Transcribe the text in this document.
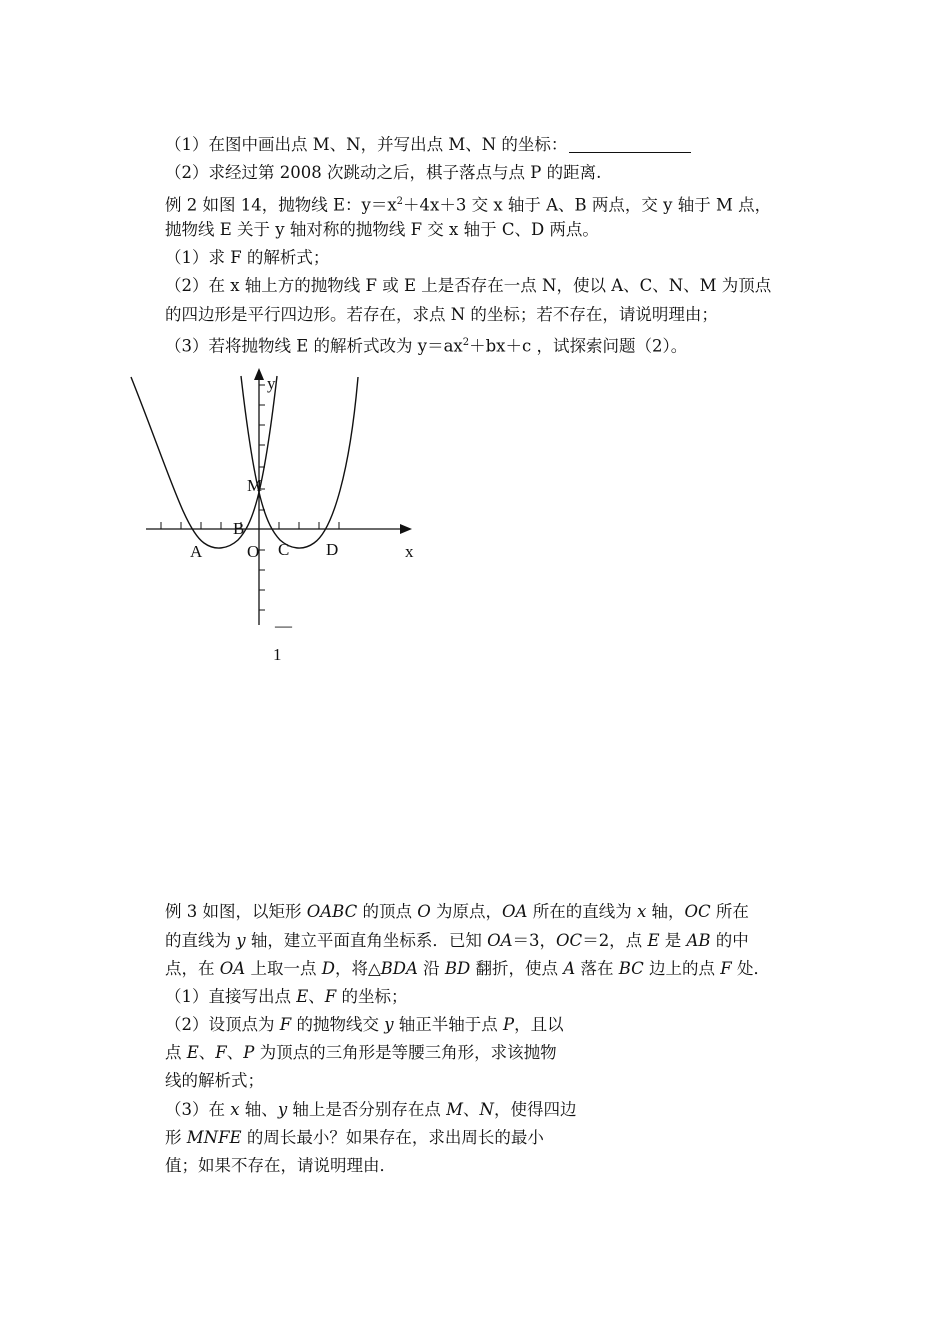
（1）在图中画出点 M、N，并写出点 M、N 的坐标：
（2）求经过第 2008 次跳动之后，棋子落点与点 P 的距离.
例 2 如图 14，抛物线 E：$y=x^2+4x+3$ 交 x 轴于 A、B 两点，交 y 轴于 M 点，
抛物线 E 关于 y 轴对称的抛物线 F 交 x 轴于 C、D 两点。
（1）求 F 的解析式；
（2）在 x 轴上方的抛物线 F 或 E 上是否存在一点 N，使以 A、C、N、M 为顶点
的四边形是平行四边形。若存在，求点 N 的坐标；若不存在，请说明理由；
（3）若将抛物线 E 的解析式改为 $y=ax^2+bx+c$ ，试探索问题（2）。
y
x
M
B
A	O C D
—
1
例 3 如图，以矩形 OABC 的顶点 O 为原点，OA 所在的直线为 x 轴，OC 所在
的直线为 y 轴，建立平面直角坐标系．已知 OA＝3，OC＝2，点 E 是 AB 的中
点，在 OA 上取一点 D，将△BDA 沿 BD 翻折，使点 A 落在 BC 边上的点 F 处．
（1）直接写出点 E、F 的坐标；
（2）设顶点为 F 的抛物线交 y 轴正半轴于点 P，且以
点 E、F、P 为顶点的三角形是等腰三角形，求该抛物
线的解析式；
（3）在 x 轴、y 轴上是否分别存在点 M、N，使得四边
形 MNFE 的周长最小？如果存在，求出周长的最小
值；如果不存在，请说明理由．
